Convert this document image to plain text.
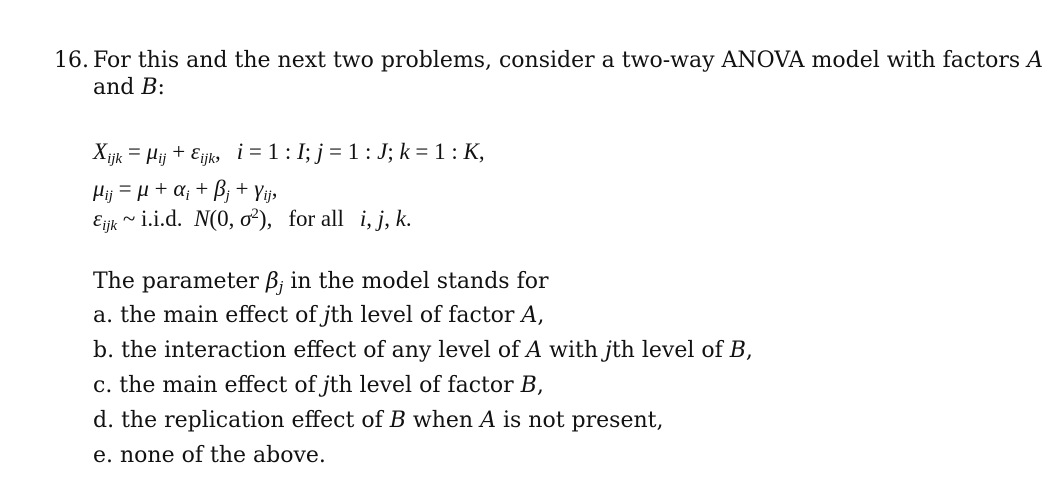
16. For this and the next two problems, consider a two-way ANOVA model with factors A
and B:
$X_{ijk} = \mu_{ij} + \varepsilon_{ijk}$, i = 1 : I; j = 1 : J; k = 1 : K,
$\mu_{ij} = \mu + \alpha_i + \beta_j + \gamma_{ij}$,
$\varepsilon_{ijk}$ ~ i.i.d.  N(0, $\sigma^2$), for all i, j, k.
The parameter $\beta_j$ in the model stands for
a. the main effect of jth level of factor A,
b. the interaction effect of any level of A with jth level of B,
c. the main effect of jth level of factor B,
d. the replication effect of B when A is not present,
e. none of the above.
